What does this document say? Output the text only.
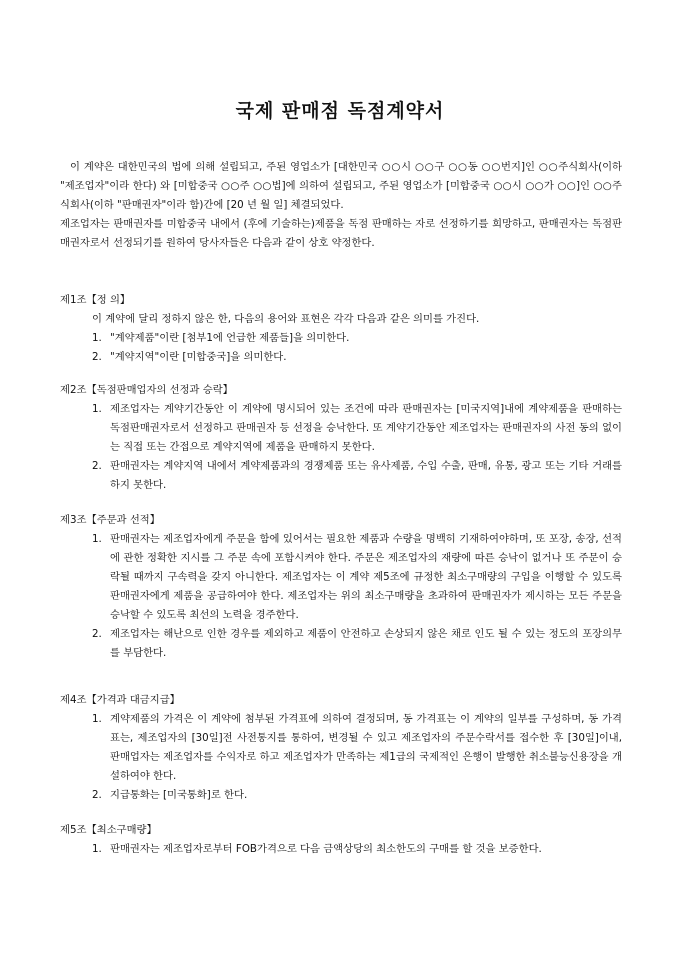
국제 판매점 독점계약서

이 계약은 대한민국의 법에 의해 설립되고, 주된 영업소가 [대한민국 ○○시 ○○구 ○○동 ○○번지]인 ○○주식회사(이하 "제조업자"이라 한다) 와 [미합중국 ○○주 ○○법]에 의하여 설립되고, 주된 영업소가 [미합중국 ○○시 ○○가 ○○]인 ○○주식회사(이하 "판매권자"이라 함)간에 [20 년 월 일] 체결되었다.

제조업자는 판매권자를 미합중국 내에서 (후에 기술하는)제품을 독점 판매하는 자로 선정하기를 희망하고, 판매권자는 독점판매권자로서 선정되기를 원하여 당사자들은 다음과 같이 상호 약정한다.

제1조【정 의】

이 계약에 달리 정하지 않은 한, 다음의 용어와 표현은 각각 다음과 같은 의미를 가진다.

1. "계약제품"이란 [첨부1에 언급한 제품들]을 의미한다.
2. "계약지역"이란 [미합중국]을 의미한다.

제2조【독점판매업자의 선정과 승락】

1. 제조업자는 계약기간동안 이 계약에 명시되어 있는 조건에 따라 판매권자는 [미국지역]내에 계약제품을 판매하는 독점판매권자로서 선정하고 판매권자 등 선정을 승낙한다. 또 계약기간동안 제조업자는 판매권자의 사전 동의 없이는 직접 또는 간접으로 계약지역에 제품을 판매하지 못한다.
2. 판매권자는 계약지역 내에서 계약제품과의 경쟁제품 또는 유사제품, 수입 수출, 판매, 유통, 광고 또는 기타 거래를 하지 못한다.

제3조【주문과 선적】

1. 판매권자는 제조업자에게 주문을 함에 있어서는 필요한 제품과 수량을 명백히 기재하여야하며, 또 포장, 송장, 선적에 관한 정확한 지시를 그 주문 속에 포함시켜야 한다. 주문은 제조업자의 재량에 따른 승낙이 없거나 또 주문이 승락될 때까지 구속력을 갖지 아니한다. 제조업자는 이 계약 제5조에 규정한 최소구매량의 구입을 이행할 수 있도록 판매권자에게 제품을 공급하여야 한다. 제조업자는 위의 최소구매량을 초과하여 판매권자가 제시하는 모든 주문을 승낙할 수 있도록 최선의 노력을 경주한다.
2. 제조업자는 해난으로 인한 경우를 제외하고 제품이 안전하고 손상되지 않은 채로 인도 될 수 있는 정도의 포장의무를 부담한다.

제4조【가격과 대금지급】

1. 계약제품의 가격은 이 계약에 첨부된 가격표에 의하여 결정되며, 동 가격표는 이 계약의 일부를 구성하며, 동 가격표는, 제조업자의 [30일]전 사전통지를 통하여, 변경될 수 있고 제조업자의 주문수락서를 접수한 후 [30일]이내, 판매업자는 제조업자를 수익자로 하고 제조업자가 만족하는 제1급의 국제적인 은행이 발행한 취소불능신용장을 개설하여야 한다.
2. 지급통화는 [미국통화]로 한다.

제5조【최소구매량】

1. 판매권자는 제조업자로부터 FOB가격으로 다음 금액상당의 최소한도의 구매를 할 것을 보증한다.
